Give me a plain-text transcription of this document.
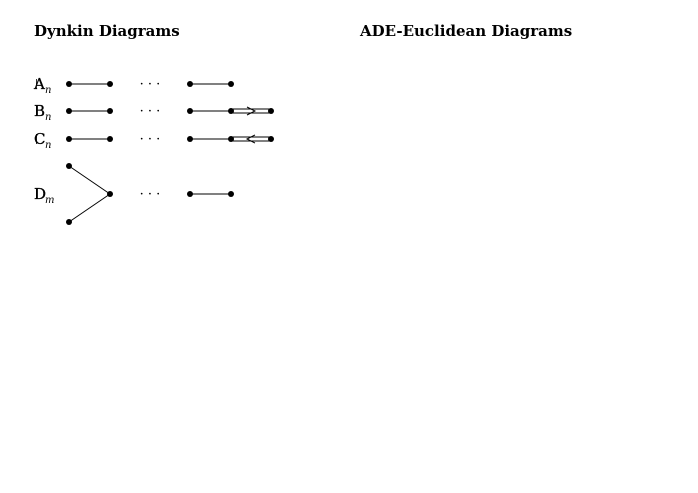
Dynkin Diagrams	ADE-Euclidean Diagrams
A n	· · ·
B n	· · ·
C n	· · ·
D
m	· · ·
